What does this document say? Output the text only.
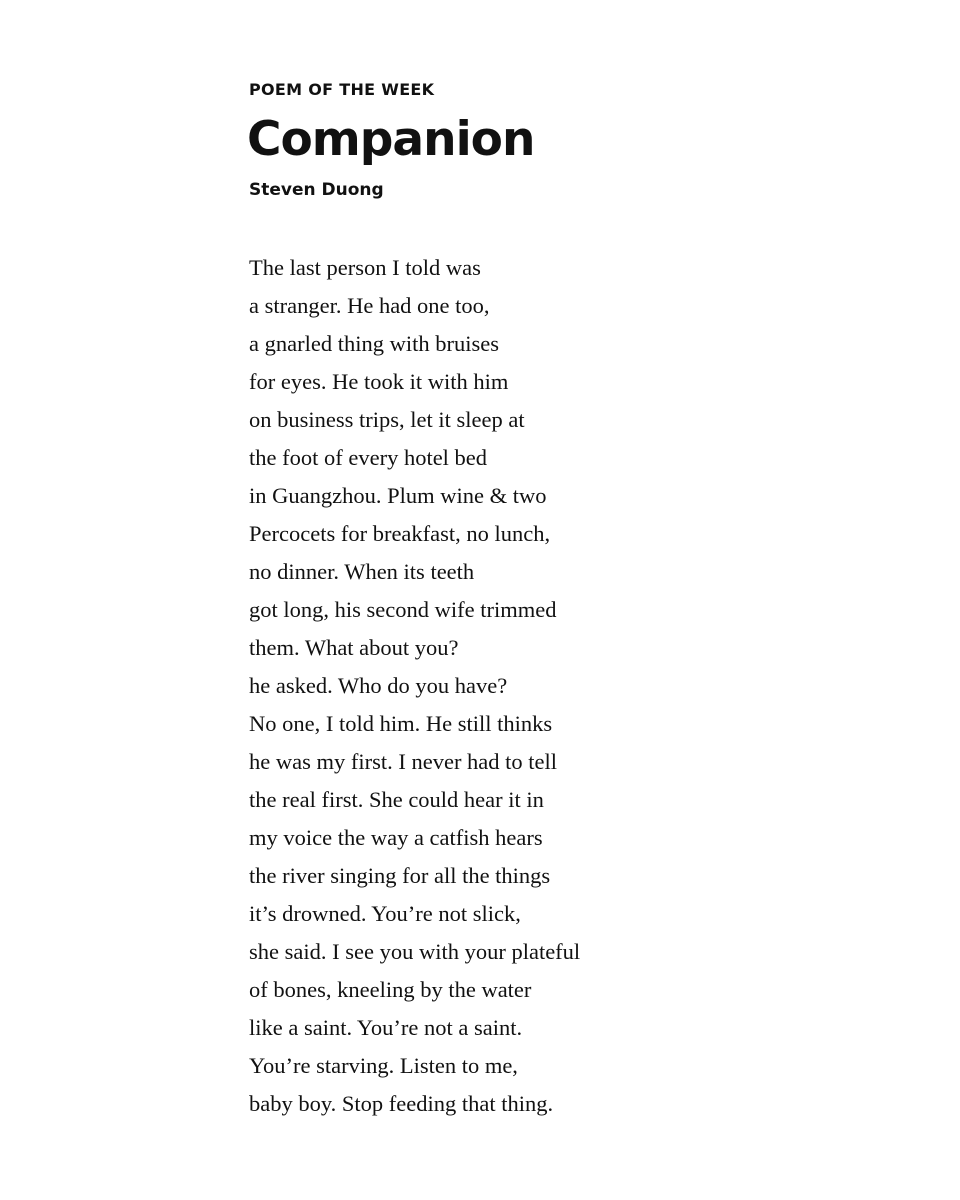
POEM OF THE WEEK
Companion
Steven Duong

The last person I told was

a stranger. He had one too,

a gnarled thing with bruises

for eyes. He took it with him

on business trips, let it sleep at

the foot of every hotel bed

in Guangzhou. Plum wine & two

Percocets for breakfast, no lunch,

no dinner. When its teeth

got long, his second wife trimmed

them. What about you?

he asked. Who do you have?

No one, I told him. He still thinks

he was my first. I never had to tell

the real first. She could hear it in

my voice the way a catfish hears

the river singing for all the things

it’s drowned. You’re not slick,

she said. I see you with your plateful

of bones, kneeling by the water

like a saint. You’re not a saint.

You’re starving. Listen to me,

baby boy. Stop feeding that thing.
